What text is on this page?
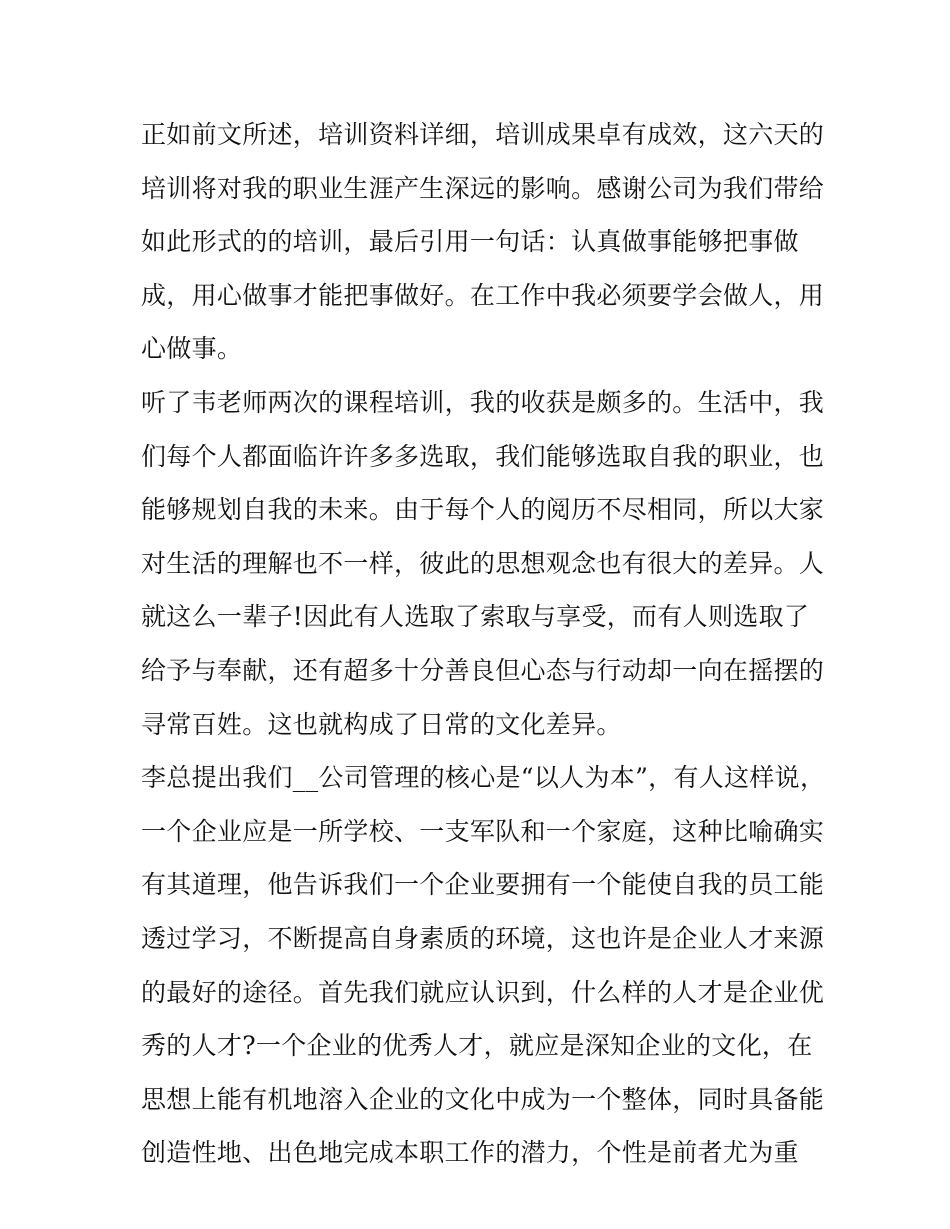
正如前文所述，培训资料详细，培训成果卓有成效，这六天的
培训将对我的职业生涯产生深远的影响。感谢公司为我们带给
如此形式的的培训，最后引用一句话：认真做事能够把事做
成，用心做事才能把事做好。在工作中我必须要学会做人，用
心做事。
听了韦老师两次的课程培训，我的收获是颇多的。生活中，我
们每个人都面临许许多多选取，我们能够选取自我的职业，也
能够规划自我的未来。由于每个人的阅历不尽相同，所以大家
对生活的理解也不一样，彼此的思想观念也有很大的差异。人
就这么一辈子!因此有人选取了索取与享受，而有人则选取了
给予与奉献，还有超多十分善良但心态与行动却一向在摇摆的
寻常百姓。这也就构成了日常的文化差异。
李总提出我们__公司管理的核心是“以人为本”，有人这样说，
一个企业应是一所学校、一支军队和一个家庭，这种比喻确实
有其道理，他告诉我们一个企业要拥有一个能使自我的员工能
透过学习，不断提高自身素质的环境，这也许是企业人才来源
的最好的途径。首先我们就应认识到，什么样的人才是企业优
秀的人才?一个企业的优秀人才，就应是深知企业的文化，在
思想上能有机地溶入企业的文化中成为一个整体，同时具备能
创造性地、出色地完成本职工作的潜力，个性是前者尤为重
